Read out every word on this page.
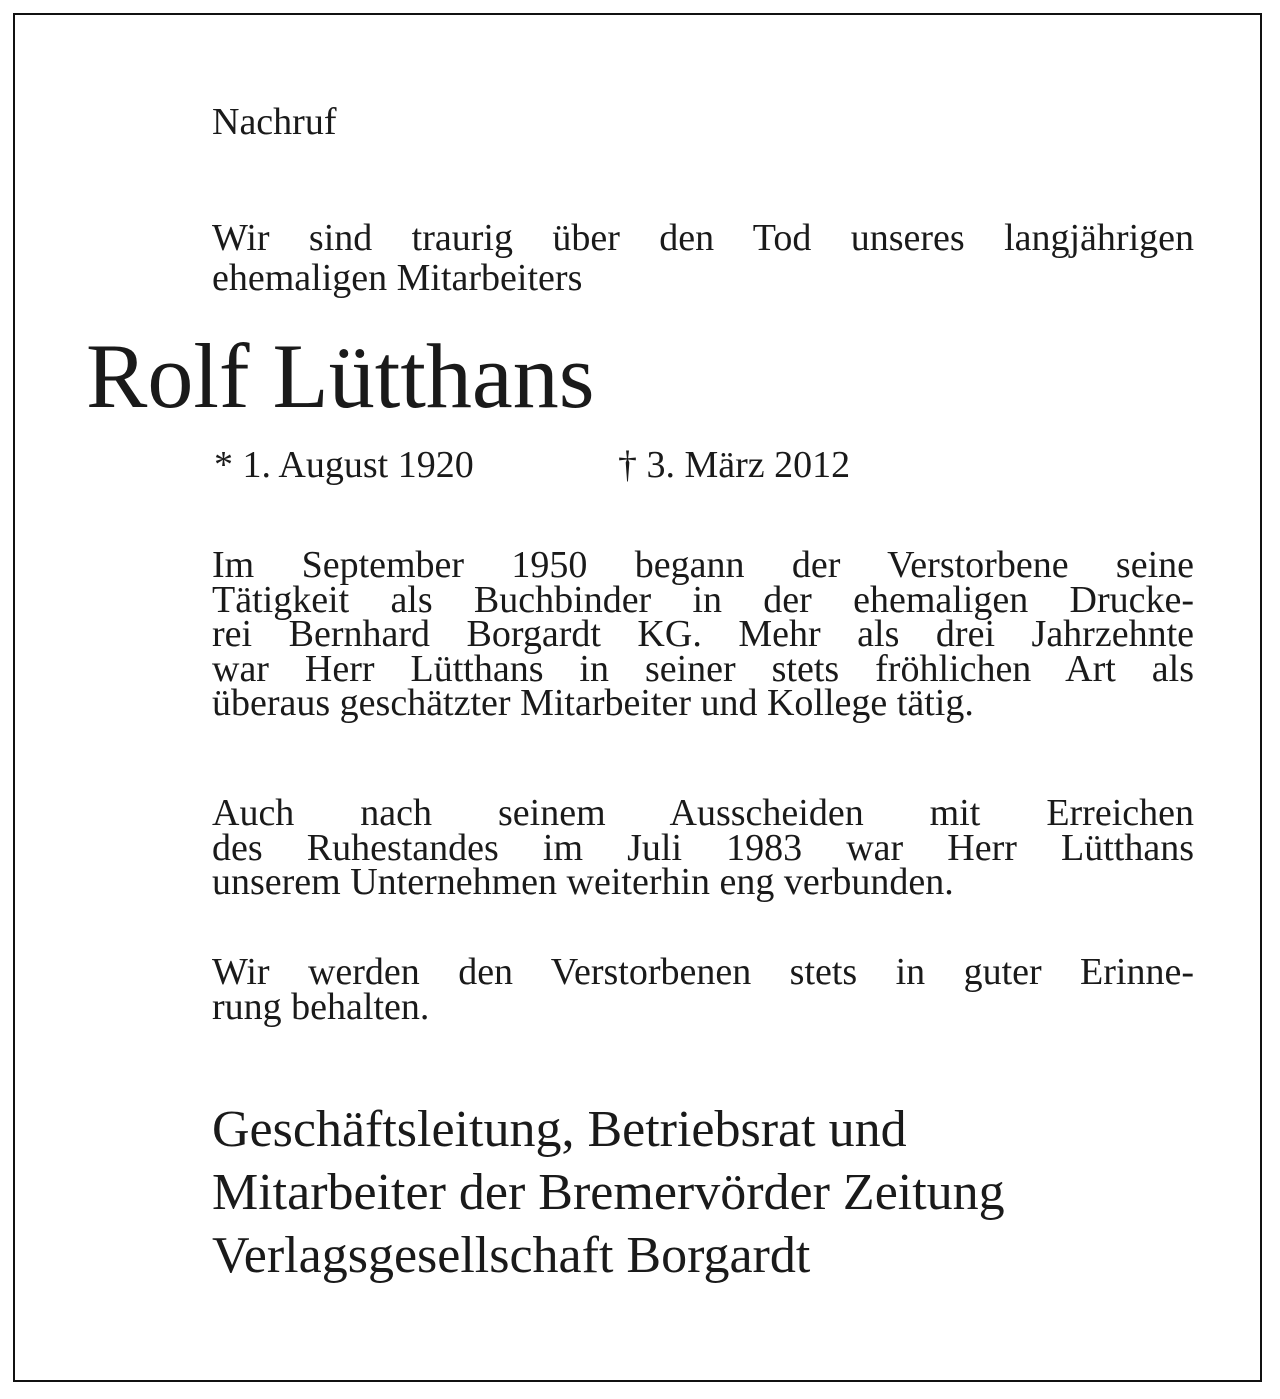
Nachruf
Wir sind traurig über den Tod unseres langjährigen
ehemaligen Mitarbeiters
Rolf Lütthans
* 1. August 1920	† 3. März 2012
Im September 1950 begann der Verstorbene seine
Tätigkeit als Buchbinder in der ehemaligen Drucke-
rei Bernhard Borgardt KG. Mehr als drei Jahrzehnte
war Herr Lütthans in seiner stets fröhlichen Art als
überaus geschätzter Mitarbeiter und Kollege tätig.
Auch nach seinem Ausscheiden mit Erreichen
des Ruhestandes im Juli 1983 war Herr Lütthans
unserem Unternehmen weiterhin eng verbunden.
Wir werden den Verstorbenen stets in guter Erinne-
rung behalten.
Geschäftsleitung, Betriebsrat und
Mitarbeiter der Bremervörder Zeitung
Verlagsgesellschaft Borgardt
